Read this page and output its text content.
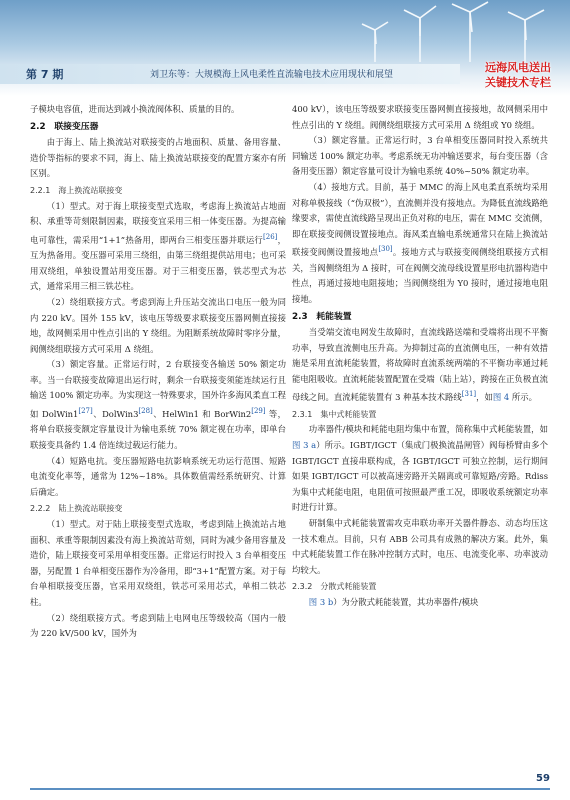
第 7 期	刘卫东等：大规模海上风电柔性直流输电技术应用现状和展望
远海风电送出
关键技术专栏

子模块电容值，进而达到减小换流阀体积、质量的目的。

2.2　联接变压器

由于海上、陆上换流站对联接变的占地面积、质量、备用容量、造价等指标的要求不同，海上、陆上换流站联接变的配置方案亦有所区别。

2.2.1　海上换流站联接变

（1）型式。对于海上联接变型式选取，考虑海上换流站占地面积、承重等苛刻限制因素，联接变宜采用三相一体变压器。为提高输电可靠性，需采用“1+1”热备用，即两台三相变压器并联运行[26]，互为热备用。变压器可采用三绕组，由第三绕组提供站用电；也可采用双绕组，单独设置站用变压器。对于三相变压器，铁芯型式为芯式，通常采用三相三铁芯柱。

（2）绕组联接方式。考虑到海上升压站交流出口电压一般为同内 220 kV。国外 155 kV，该电压等级要求联接变压器网侧直接接地，故网侧采用中性点引出的 Y 绕组。为阻断系统故障时零序分量，阀侧绕组联接方式可采用 Δ 绕组。

（3）额定容量。正常运行时，2 台联接变各输送 50% 额定功率。当一台联接变故障退出运行时，剩余一台联接变须能连续运行且输送 100% 额定功率。为实现这一特殊要求，国外许多海风柔直工程如 DolWin1[27]、DolWin3[28]、HelWin1 和 BorWin2[29] 等，将单台联接变额定容量设计为输电系统 70% 额定视在功率，即单台联接变具备约 1.4 倍连续过载运行能力。

（4）短路电抗。变压器短路电抗影响系统无功运行范围、短路电流变化率等，通常为 12%~18%。具体数值需经系统研究、计算后确定。

2.2.2　陆上换流站联接变

（1）型式。对于陆上联接变型式选取，考虑到陆上换流站占地面积、承重等限制因素没有海上换流站苛刻，同时为减少备用容量及造价，陆上联接变可采用单相变压器。正常运行时投入 3 台单相变压器，另配置 1 台单相变压器作为冷备用，即“3+1”配置方案。对于每台单相联接变压器，官采用双绕组，铁芯可采用芯式，单相二铁芯柱。

（2）绕组联接方式。考虑到陆上电网电压等级较高（国内一般为 220 kV/500 kV，国外为

400 kV），该电压等级要求联接变压器网侧直接接地，故网侧采用中性点引出的 Y 绕组。阀侧绕组联接方式可采用 Δ 绕组或 Y0 绕组。

（3）额定容量。正常运行时，3 台单相变压器同时投入系统共同输送 100% 额定功率。考虑系统无功冲输送要求，每台变压器（含备用变压器）额定容量可设计为输电系统 40%~50% 额定功率。

（4）接地方式。目前，基于 MMC 的海上风电柔直系统均采用对称单极接线（“伪双极”），直流侧并没有接地点。为降低直流线路绝缘要求，需使直流线路呈现出正负对称的电压，需在 MMC 交流侧，即在联接变阀侧设置接地点。海风柔直输电系统通常只在陆上换流站联接变阀侧设置接地点[30]。接地方式与联接变阀侧绕组联接方式相关，当阀侧绕组为 Δ 接时，可在阀侧交流母线设置星形电抗器构造中性点，再通过接地电阻接地；当阀侧绕组为 Y0 接时，通过接地电阻接地。

2.3　耗能装置

当受端交流电网发生故障时，直流线路送端和受端将出现不平衡功率，导致直流侧电压升高。为抑制过高的直流侧电压，一种有效措施是采用直流耗能装置，将故障时直流系统两端的不平衡功率通过耗能电阻吸收。直流耗能装置配置在受端（陆上站），跨接在正负极直流母线之间。直流耗能装置有 3 种基本技术路线[31]，如图 4 所示。

2.3.1　集中式耗能装置

功率器件/模块和耗能电阻均集中布置，简称集中式耗能装置，如图 3 a）所示。IGBT/IGCT（集成门极换流晶闸管）阀每桥臂由多个 IGBT/IGCT 直接串联构成，各 IGBT/IGCT 可独立控制，运行期间如果 IGBT/IGCT 可以被高速旁路开关隔离或可靠短路/旁路。Rdiss 为集中式耗能电阻，电阻值可按照最严重工况，即吸收系统额定功率时进行计算。

研制集中式耗能装置需攻克串联功率开关器件静态、动态均压这一技术难点。目前，只有 ABB 公司具有成熟的解决方案。此外，集中式耗能装置工作在脉冲控制方式时，电压、电流变化率、功率波动均较大。

2.3.2　分散式耗能装置

图 3 b）为分散式耗能装置，其功率器件/模块

59
